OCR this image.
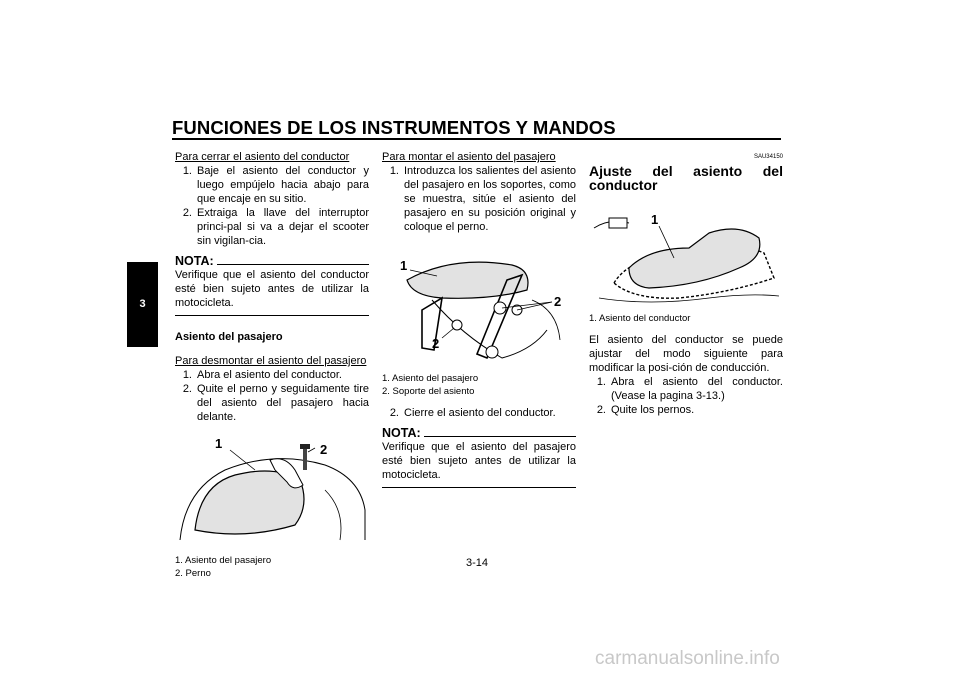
FUNCIONES DE LOS INSTRUMENTOS Y MANDOS
3
Para cerrar el asiento del conductor
1. Baje el asiento del conductor y luego empújelo hacia abajo para que encaje en su sitio.
2. Extraiga la llave del interruptor princi-pal si va a dejar el scooter sin vigilan-cia.
NOTA:
Verifique que el asiento del conductor esté bien sujeto antes de utilizar la motocicleta.
Asiento del pasajero
Para desmontar el asiento del pasajero
1. Abra el asiento del conductor.
2. Quite el perno y seguidamente tire del asiento del pasajero hacia delante.
1	2
1. Asiento del pasajero
2. Perno
Para montar el asiento del pasajero
1. Introduzca los salientes del asiento del pasajero en los soportes, como se muestra, sitúe el asiento del pasajero en su posición original y coloque el perno.
1
2
2
1. Asiento del pasajero
2. Soporte del asiento
2. Cierre el asiento del conductor.
NOTA:
Verifique que el asiento del pasajero esté bien sujeto antes de utilizar la motocicleta.
SAU34150
Ajuste del asiento del conductor
1
1. Asiento del conductor
El asiento del conductor se puede ajustar del modo siguiente para modificar la posi-ción de conducción.
1. Abra el asiento del conductor. (Vease la pagina 3-13.)
2. Quite los pernos.
3-14
carmanualsonline.info
